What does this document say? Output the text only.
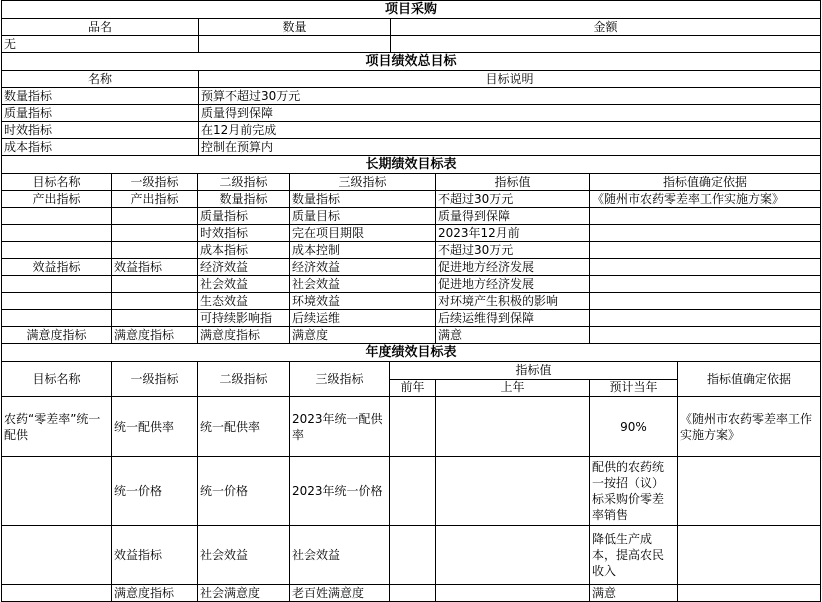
项目采购		
品名	数量	金额
无		
项目绩效总目标	
名称	目标说明
数量指标	预算不超过30万元
质量指标	质量得到保障
时效指标	在12月前完成
成本指标	控制在预算内
长期绩效目标表					
目标名称	一级指标	二级指标	三级指标	指标值	指标值确定依据
产出指标	产出指标	数量指标	数量指标	不超过30万元	《随州市农药零差率工作实施方案》
		质量指标	质量目标	质量得到保障	
		时效指标	完在项目期限	2023年12月前	
		成本指标	成本控制	不超过30万元	
效益指标	效益指标	经济效益	经济效益	促进地方经济发展	
		社会效益	社会效益	促进地方经济发展	
		生态效益	环境效益	对环境产生积极的影响	
		可持续影响指	后续运维	后续运维得到保障	
满意度指标	满意度指标	满意度指标	满意度	满意	
年度绩效目标表							
目标名称	一级指标	二级指标	三级指标	指标值			指标值确定依据
				前年	上年	预计当年	
农药“零差率”统一配供	统一配供率	统一配供率	2023年统一配供率			90%	《随州市农药零差率工作实施方案》
	统一价格	统一价格	2023年统一价格			配供的农药统一按招（议）标采购价零差率销售	
	效益指标	社会效益	社会效益			降低生产成本，提高农民收入	
	满意度指标	社会满意度	老百姓满意度			满意	
